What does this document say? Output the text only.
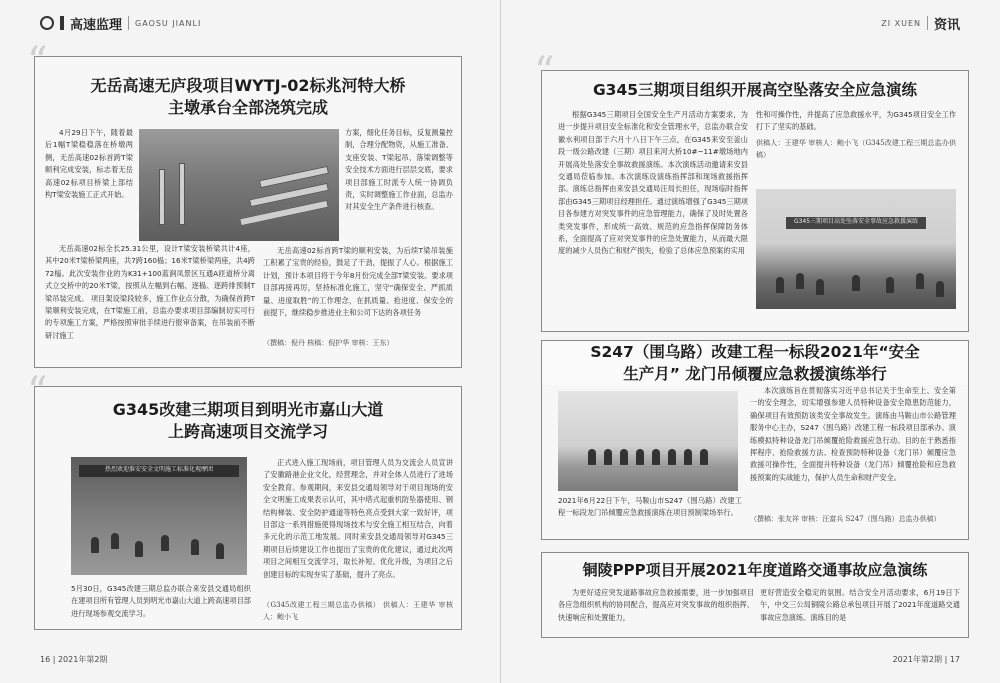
高速监理 GAOSU JIANLI
“
无岳高速无庐段项目WYTJ-02标兆河特大桥
主墩承台全部浇筑完成
4月29日下午，随着最后1幅T梁稳稳落在桥墩两侧，无岳高速02标首跨T梁顺利完成安装，标志着无岳高速02标项目桥梁上部结构T梁安装施工正式开始。
无岳高速02标全长25.31公里，设计T梁安装桥梁共计4座，其中20米T梁桥梁两座，共7跨160榀；16米T梁桥梁两座，共4跨72榀。此次安装作业的为K31+100蓝涧凤景区互通A匝道桥分离式立交桥中的20米T梁，按照从左幅到右幅、逐榀、逐跨排预制T梁吊装完成。 项目架设梁段较多，施工作业点分散，为确保首跨T梁顺利安装完成，在T梁施工前，总监办要求项目部编制切实可行的专项施工方案，严格按照审批手续进行报审备案，在吊装前不断研讨施工
方案，细化任务目标，反复测量控制，合理分配物资，从施工准备、支座安装、T梁起吊、落梁调整等安全技术方面进行层层交底，要求项目部施工时派专人统一协调负责，实时调整施工作业面，总监办对其安全生产条件进行核查。
无岳高速02标首跨T梁的顺利安装，为后续T梁吊装施工积累了宝贵的经验，鼓足了干劲，提振了人心。根据施工计划，预计本项目将于今年8月份完成全部T梁安装。要求项目部再接再厉，坚持标准化施工，坚守“确保安全、严抓质量、进度取胜”的工作理念，在抓质量、抢进度、保安全的前提下，继续稳步推进业主和公司下达的各项任务
（撰稿：倪丹 核稿：倪护华 审核：王东）
“	G345改建三期项目到明光市嘉山大道
上跨高速项目交流学习
热烈欢迎淮安安全文明施工标准化观摩团
5月30日，G345改建三期总监办联合来安县交通局组织在建项目所有管理人员到明光市嘉山大道上跨高速项目部进行现场参观交流学习。
正式进入施工现场前，项目管理人员为交流会人员宣讲了安徽路港企业文化，经营理念，并对全体人员进行了进场安全教育。参观期间，来安县交通局领导对于项目现场的安全文明施工成果表示认可，其中塔式起重机防坠器使用、钢结构梯装、安全防护通道等特色亮点受到大家一致好评，项目部这一系列措施使得现场技术与安全施工相互结合，向着多元化的示范工地发展。同时来安县交通局领导对G345三期项目后续建设工作也提出了宝贵的优化建议，通过此次两项目之间相互交流学习，取长补短、优化升级，为项目之后创建目标的实现夯实了基础，提升了亮点。
（G345改建工程三期总监办供稿） 供稿人：王建华 审核人：鲍小飞
16 | 2021年第2期
ZI XUEN 资讯
“	G345三期项目组织开展高空坠落安全应急演练
根据G345三期项目全国安全生产月活动方案要求，为进一步提升项目安全标准化和安全管理水平，总监办联合安徽水利项目部于六月十八日下午三点，在G345来安至釜山段一级公路改建（三期）项目来河大桥10#~11#墩场地内开展高处坠落安全事故救援演练。本次演练活动邀请来安县交通局莅临参加。本次演练设演练指挥部和现场救援指挥部。演练总指挥由来安县交通局汪局长担任，现场临时指挥部由G345三期项目经理担任。通过演练增强了G345三期项目各参建方对突发事件的应急管理能力，确保了及时处置各类突发事件，形成统一高效、规范的应急指挥保障防务体系，全面提高了应对突发事件的应急处置能力，从而最大限度的减少人员伤亡和财产损失，检验了总体应急预案的实用
性和可操作性，并提高了应急救援水平，为G345项目安全工作打下了坚实的基础。
供稿人：王建华 审核人：鲍小飞（G345改建工程三期总监办供稿）
G345三期项目高处坠落安全事故应急救援演练
S247（围乌路）改建工程一标段2021年“安全
生产月” 龙门吊倾覆应急救援演练举行
2021年6月22日下午，马鞍山市S247（围乌路）改建工程一标段龙门吊倾覆应急救援演练在项目预制梁场举行。
本次演练旨在贯彻落实习近平总书记关于生命至上、安全第一的安全理念，切实增强参建人员特种设备安全隐患防范能力，确保项目有效预防该类安全事故发生。演练由马鞍山市公路管理服务中心主办，S247（围乌路）改建工程一标段项目部承办。演练模拟特种设备龙门吊倾覆抢险救援应急行动。目的在于熟悉指挥程序、抢险救援方法、检查预防特种设备（龙门吊）倾覆应急救援可操作性，全面提升特种设备（龙门吊）倾覆抢险和应急救援预案的实战能力，保护人员生命和财产安全。
（撰稿：张友祥 审核：汪富兵 S247（围乌路）总监办供稿）
铜陵PPP项目开展2021年度道路交通事故应急演练
为更好适应突发道路事故应急救援需要，进一步加强项目各应急组织机构的协同配合，提高应对突发事故的组织指挥、快速响应和处置能力，
更好营造安全稳定的氛围。结合安全月活动要求，6月19日下午，中交三公局铜陵公路总承包项目开展了2021年度道路交通事故应急演练。演练目的是
2021年第2期 | 17
